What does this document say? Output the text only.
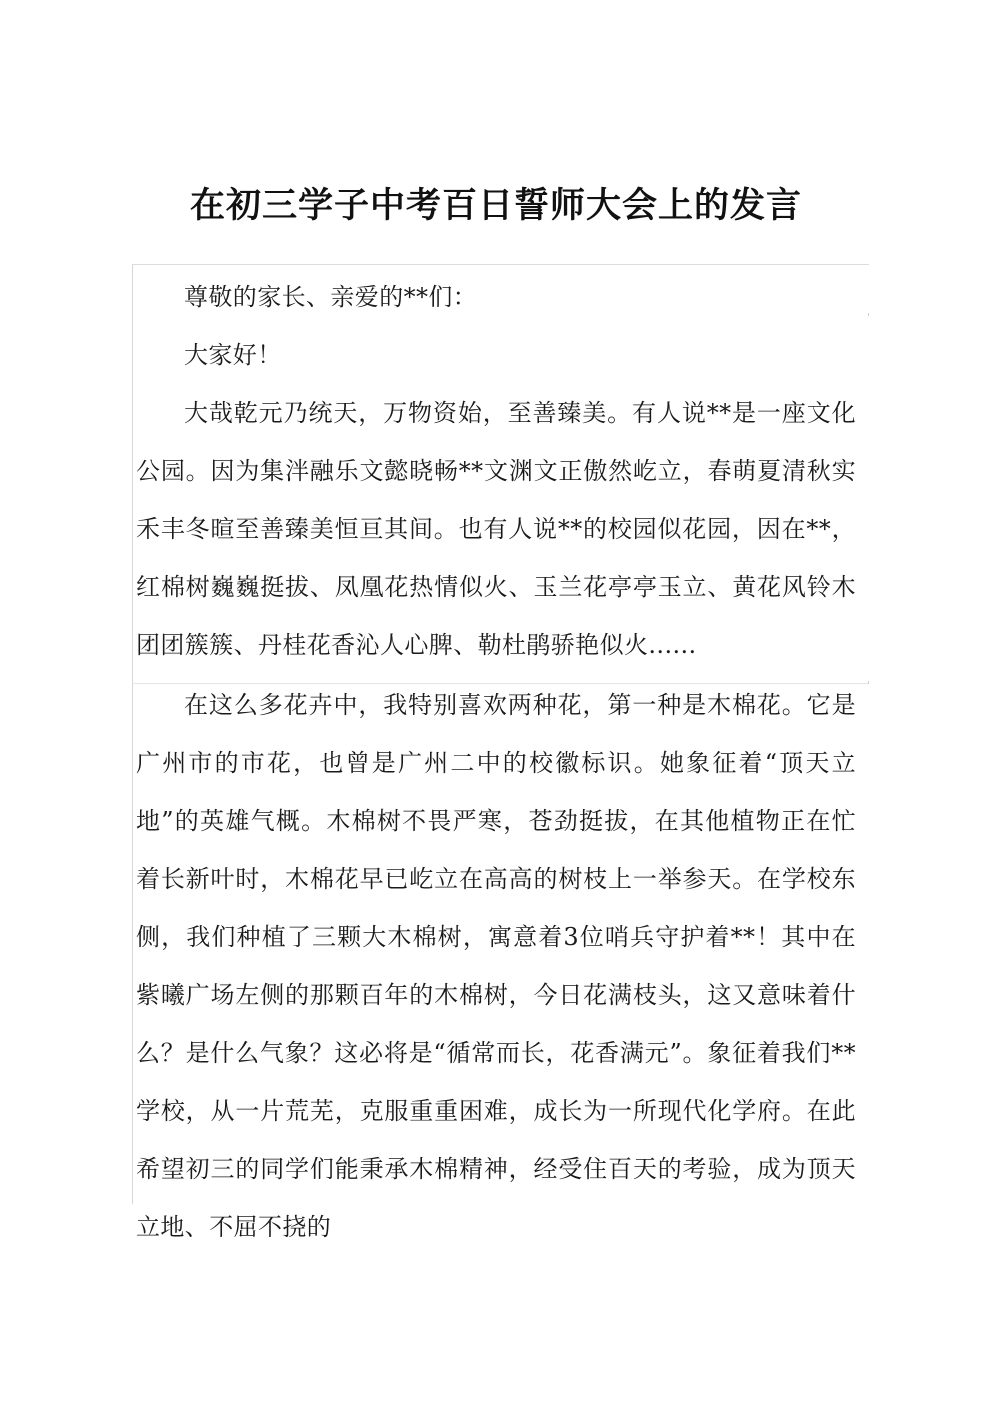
在初三学子中考百日誓师大会上的发言

尊敬的家长、亲爱的**们：

大家好！

大哉乾元乃统天，万物资始，至善臻美。有人说**是一座文化公园。因为集泮融乐文懿晓畅**文渊文正傲然屹立，春萌夏清秋实禾丰冬暄至善臻美恒亘其间。也有人说**的校园似花园，因在**，红棉树巍巍挺拔、凤凰花热情似火、玉兰花亭亭玉立、黄花风铃木团团簇簇、丹桂花香沁人心脾、勒杜鹃骄艳似火......

在这么多花卉中，我特别喜欢两种花，第一种是木棉花。它是广州市的市花，也曾是广州二中的校徽标识。她象征着“顶天立地”的英雄气概。木棉树不畏严寒，苍劲挺拔，在其他植物正在忙着长新叶时，木棉花早已屹立在高高的树枝上一举参天。在学校东侧，我们种植了三颗大木棉树，寓意着3位哨兵守护着**！其中在紫曦广场左侧的那颗百年的木棉树，今日花满枝头，这又意味着什么？是什么气象？这必将是“循常而长，花香满元”。象征着我们**学校，从一片荒芜，克服重重困难，成长为一所现代化学府。在此希望初三的同学们能秉承木棉精神，经受住百天的考验，成为顶天立地、不屈不挠的
